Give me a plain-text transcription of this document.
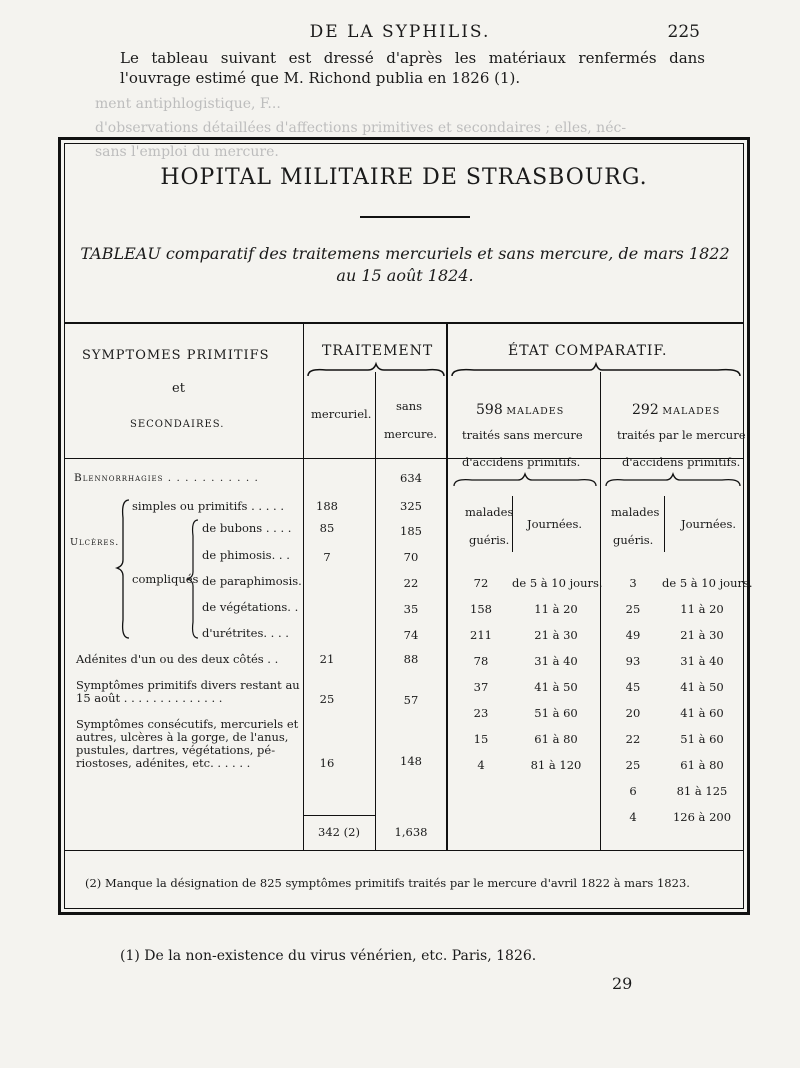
DE LA SYPHILIS.	225
Le tableau suivant est dressé d'après les matériaux renfermés dans l'ouvrage estimé que M. Richond publia en 1826 (1).
ment antiphlogistique, F...
d'observations détaillées d'affections primitives et secondaires ; elles, néc-
sans l'emploi du mercure.
HOPITAL MILITAIRE DE STRASBOURG.
TABLEAU comparatif des traitemens mercuriels et sans mercure, de mars 1822 au 15 août 1824.
SYMPTOMES PRIMITIFS
et
SECONDAIRES.
TRAITEMENT
mercuriel.
sans
mercure.
ÉTAT COMPARATIF.
598 MALADES
traités sans mercure
d'accidens primitifs.
292 MALADES
traités par le mercure
d'accidens primitifs.
malades
guéris.
Journées.
malades
guéris.
Journées.
Blennorrhagies . . . . . . . . . . .
Ulcères.
simples ou primitifs . . . . .
compliqués
de bubons . . . .
de phimosis. . .
de paraphimosis.
de végétations. .
d'urétrites. . . .
Adénites d'un ou des deux côtés . .
Symptômes primitifs divers restant au
15 août . . . . . . . . . . . . . .
Symptômes consécutifs, mercuriels et
autres, ulcères à la gorge, de l'anus,
pustules, dartres, végétations, pé-
riostoses, adénites, etc. . . . . .
188
85
7
21
25
16
634
325
185
70
22
35
74
88
57
148
72
158
211
78
37
23
15
4
de 5 à 10 jours.
11 à 20
21 à 30
31 à 40
41 à 50
51 à 60
61 à 80
81 à 120
3
25
49
93
45
20
22
25
6
4
de 5 à 10 jours.
11 à 20
21 à 30
31 à 40
41 à 50
41 à 60
51 à 60
61 à 80
81 à 125
126 à 200
342 (2)	1,638
(2) Manque la désignation de 825 symptômes primitifs traités par le mercure d'avril 1822 à mars 1823.
(1) De la non-existence du virus vénérien, etc. Paris, 1826.
29
